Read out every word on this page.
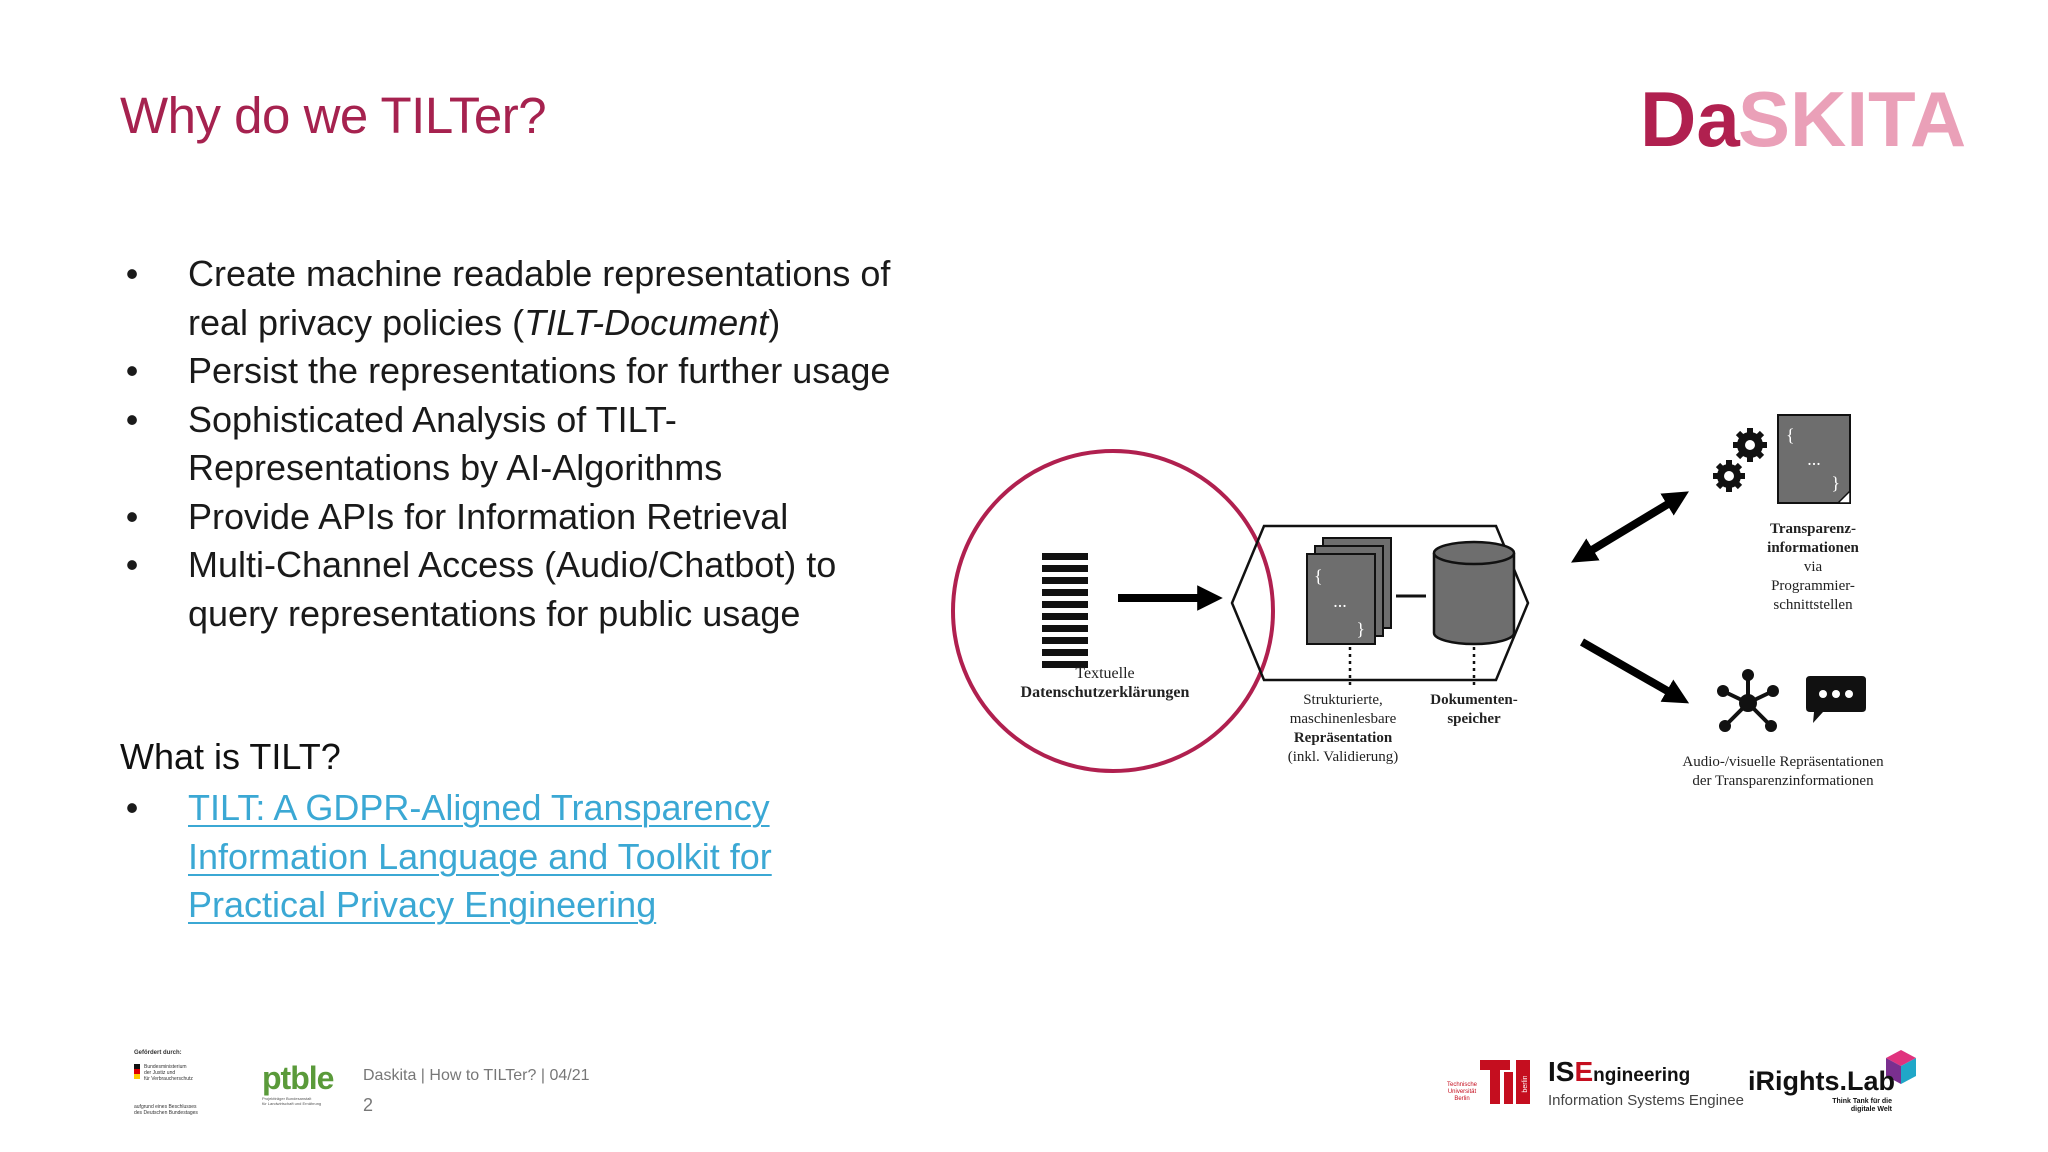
Why do we TILTer?	Da
SKITA
• Create machine readable representations of real privacy policies (TILT-Document)
• Persist the representations for further usage
• Sophisticated Analysis of TILT-Representations by AI-Algorithms
• Provide APIs for Information Retrieval
• Multi-Channel Access (Audio/Chatbot) to query representations for public usage
What is TILT?
• TILT: A GDPR-Aligned Transparency Information Language and Toolkit for Practical Privacy Engineering
Textuelle
Datenschutzerklärungen
{
...
}
Strukturierte,
maschinenlesbare
Repräsentation
(inkl. Validierung)
Dokumenten-
speicher
{
...
}
Transparenz-
informationen
via
Programmier-
schnittstellen
Audio-/visuelle Repräsentationen
der Transparenzinformationen
Gefördert durch:
Bundesministerium
der Justiz und
für Verbraucherschutz
aufgrund eines Beschlusses
des Deutschen Bundestages
ptble
Projektträger Bundesanstalt
für Landwirtschaft und Ernährung
Daskita | How to TILTer? | 04/21
2
Technische
Universität
Berlin
berlin ISEngineering
Information Systems Enginee
iRights.Lab
Think Tank für die
digitale Welt
